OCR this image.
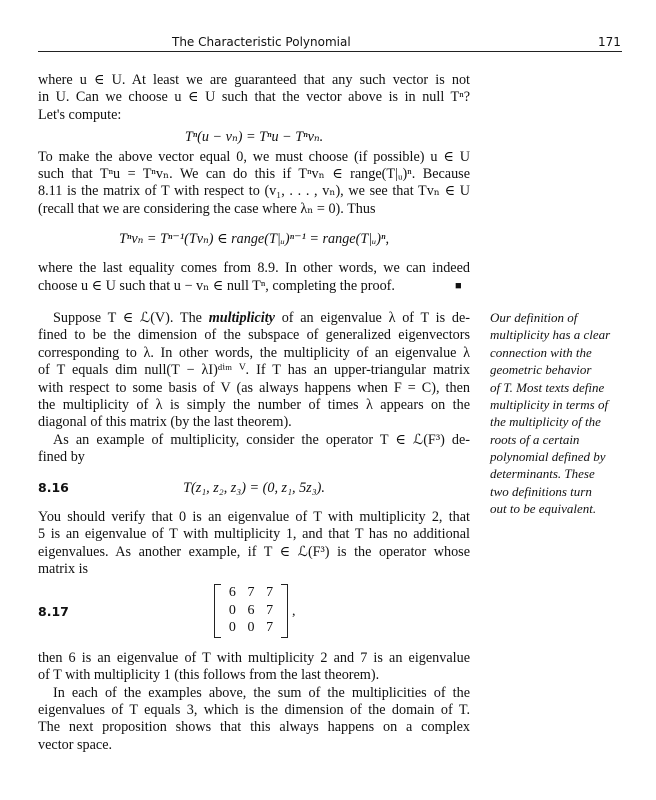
The Characteristic Polynomial	171
where u ∈ U. At least we are guaranteed that any such vector is not
in U. Can we choose u ∈ U such that the vector above is in null Tⁿ?
Let's compute:
Tⁿ(u − vₙ) = Tⁿu − Tⁿvₙ.
To make the above vector equal 0, we must choose (if possible) u ∈ U
such that Tⁿu = Tⁿvₙ. We can do this if Tⁿvₙ ∈ range(T|ᵤ)ⁿ. Because
8.11 is the matrix of T with respect to (v₁, . . . , vₙ), we see that Tvₙ ∈ U
(recall that we are considering the case where λₙ = 0). Thus
Tⁿvₙ = Tⁿ⁻¹(Tvₙ) ∈ range(T|ᵤ)ⁿ⁻¹ = range(T|ᵤ)ⁿ,
where the last equality comes from 8.9. In other words, we can indeed
choose u ∈ U such that u − vₙ ∈ null Tⁿ, completing the proof.	■
Suppose T ∈ ℒ(V). The multiplicity of an eigenvalue λ of T is de-
fined to be the dimension of the subspace of generalized eigenvectors
corresponding to λ. In other words, the multiplicity of an eigenvalue λ
of T equals dim null(T − λI)ᵈⁱᵐ ⱽ. If T has an upper-triangular matrix
with respect to some basis of V (as always happens when F = C), then
the multiplicity of λ is simply the number of times λ appears on the
diagonal of this matrix (by the last theorem).
As an example of multiplicity, consider the operator T ∈ ℒ(F³) de-
fined by
8.16	T(z₁, z₂, z₃) = (0, z₁, 5z₃).
You should verify that 0 is an eigenvalue of T with multiplicity 2, that
5 is an eigenvalue of T with multiplicity 1, and that T has no additional
eigenvalues. As another example, if T ∈ ℒ(F³) is the operator whose
matrix is
8.17
6 7 7
0 6 7
0 0 7
,
then 6 is an eigenvalue of T with multiplicity 2 and 7 is an eigenvalue
of T with multiplicity 1 (this follows from the last theorem).
In each of the examples above, the sum of the multiplicities of the
eigenvalues of T equals 3, which is the dimension of the domain of T.
The next proposition shows that this always happens on a complex
vector space.
Our definition of
multiplicity has a clear
connection with the
geometric behavior
of T. Most texts define
multiplicity in terms of
the multiplicity of the
roots of a certain
polynomial defined by
determinants. These
two definitions turn
out to be equivalent.
